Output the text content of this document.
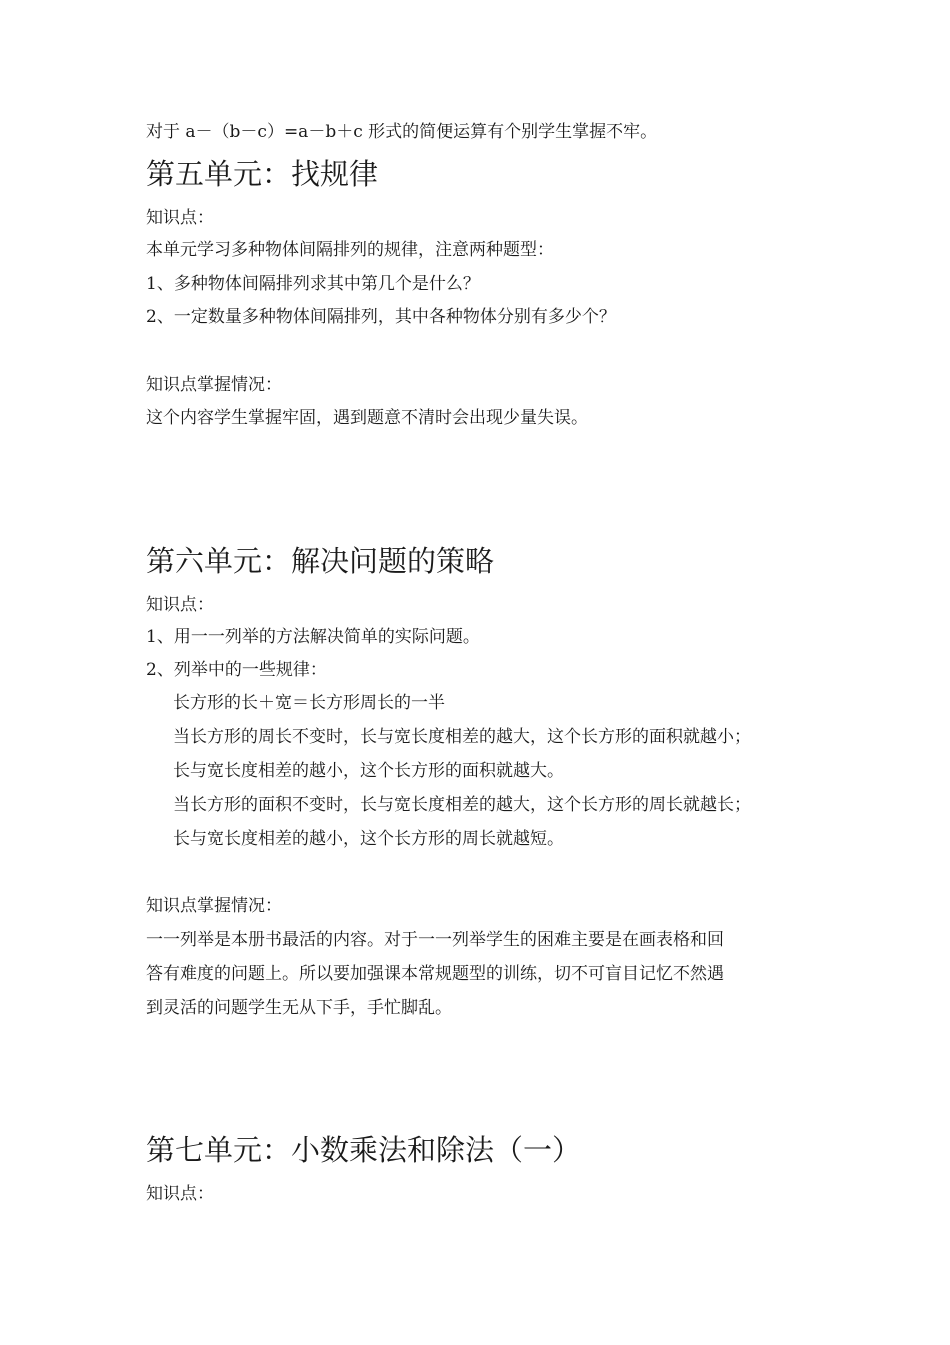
对于 a－（b－c）=a－b＋c 形式的简便运算有个别学生掌握不牢。
第五单元：找规律
知识点：
本单元学习多种物体间隔排列的规律，注意两种题型：
1、多种物体间隔排列求其中第几个是什么？
2、一定数量多种物体间隔排列，其中各种物体分别有多少个？
知识点掌握情况：
这个内容学生掌握牢固，遇到题意不清时会出现少量失误。
第六单元：解决问题的策略
知识点：
1、用一一列举的方法解决简单的实际问题。
2、列举中的一些规律：
长方形的长＋宽＝长方形周长的一半
当长方形的周长不变时，长与宽长度相差的越大，这个长方形的面积就越小；
长与宽长度相差的越小，这个长方形的面积就越大。
当长方形的面积不变时，长与宽长度相差的越大，这个长方形的周长就越长；
长与宽长度相差的越小，这个长方形的周长就越短。
知识点掌握情况：
一一列举是本册书最活的内容。对于一一列举学生的困难主要是在画表格和回
答有难度的问题上。所以要加强课本常规题型的训练，切不可盲目记忆不然遇
到灵活的问题学生无从下手，手忙脚乱。
第七单元：小数乘法和除法（一）
知识点：
